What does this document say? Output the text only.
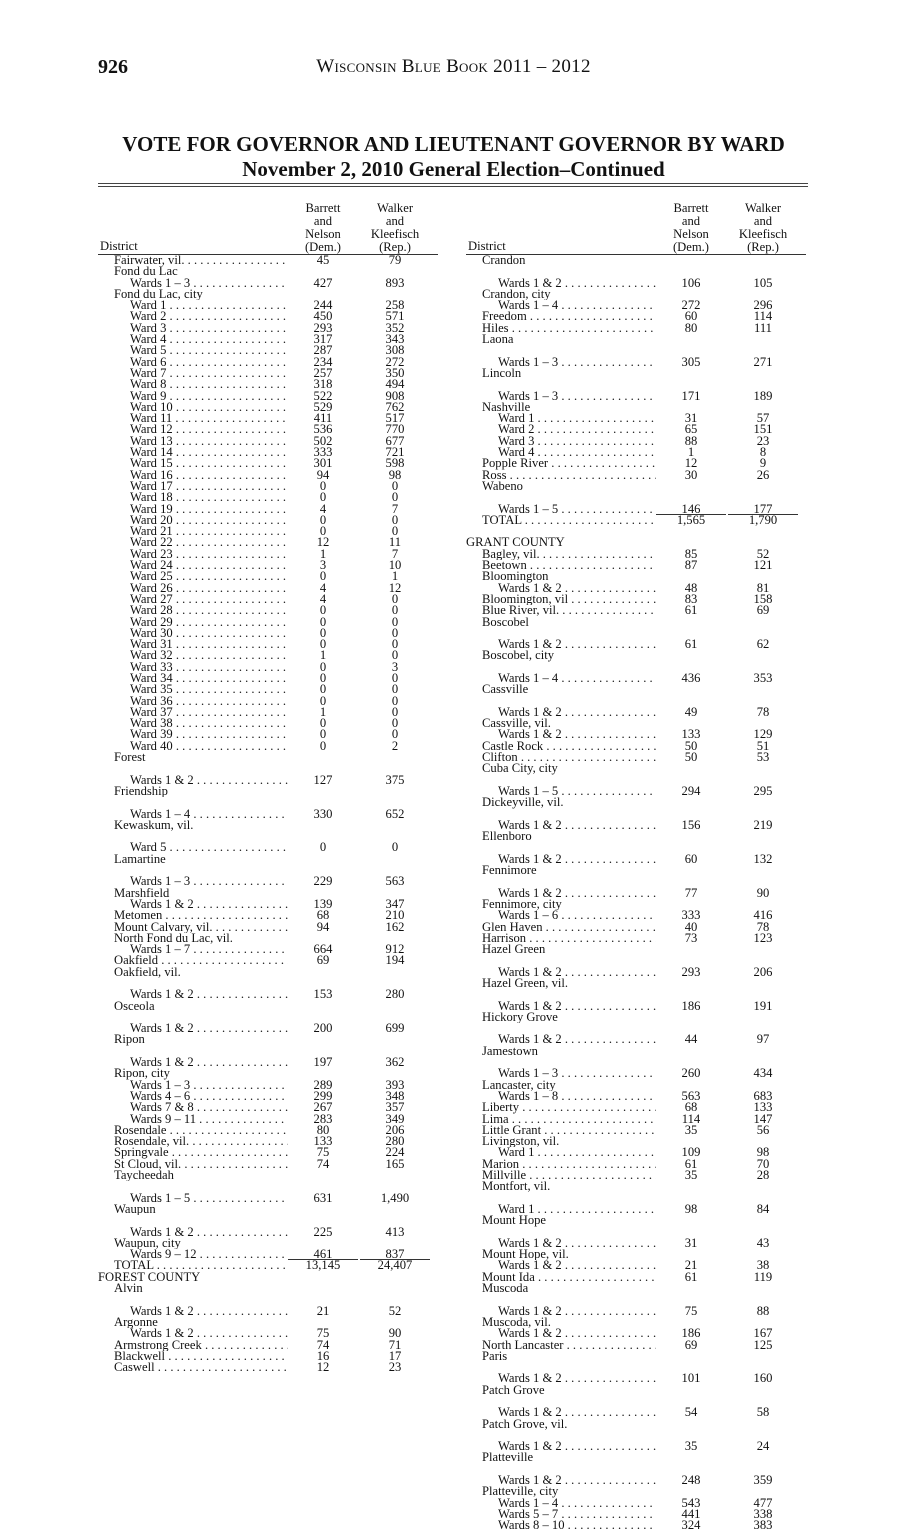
926	Wisconsin Blue Book 2011 – 2012
VOTE FOR GOVERNOR AND LIEUTENANT GOVERNOR BY WARD
November 2, 2010 General Election–Continued
District
Barrett
and
Nelson
(Dem.)
Walker
and
Kleefisch
(Rep.)
Fairwater, vil. . . .	45	79
Fond du Lac
Wards 1 – 3 . . .	427	893
Fond du Lac, city
Ward 1 . . .	244	258
Ward 2 . . .	450	571
Ward 3 . . .	293	352
Ward 4 . . .	317	343
Ward 5 . . .	287	308
Ward 6 . . .	234	272
Ward 7 . . .	257	350
Ward 8 . . .	318	494
Ward 9 . . .	522	908
Ward 10 . . .	529	762
Ward 11 . . .	411	517
Ward 12 . . .	536	770
Ward 13 . . .	502	677
Ward 14 . . .	333	721
Ward 15 . . .	301	598
Ward 16 . . .	94	98
Ward 17 . . .	0	0
Ward 18 . . .	0	0
Ward 19 . . .	4	7
Ward 20 . . .	0	0
Ward 21 . . .	0	0
Ward 22 . . .	12	11
Ward 23 . . .	1	7
Ward 24 . . .	3	10
Ward 25 . . .	0	1
Ward 26 . . .	4	12
Ward 27 . . .	4	0
Ward 28 . . .	0	0
Ward 29 . . .	0	0
Ward 30 . . .	0	0
Ward 31 . . .	0	0
Ward 32 . . .	1	0
Ward 33 . . .	0	3
Ward 34 . . .	0	0
Ward 35 . . .	0	0
Ward 36 . . .	0	0
Ward 37 . . .	1	0
Ward 38 . . .	0	0
Ward 39 . . .	0	0
Ward 40 . . .	0	2
Forest
Wards 1 & 2 . . .	127	375
Friendship
Wards 1 – 4 . . .	330	652
Kewaskum, vil.
Ward 5 . . .	0	0
Lamartine
Wards 1 – 3 . . .	229	563
Marshfield
Wards 1 & 2 . . .	139	347
Metomen . . .	68	210
Mount Calvary, vil. . . .	94	162
North Fond du Lac, vil.
Wards 1 – 7 . . .	664	912
Oakfield . . .	69	194
Oakfield, vil.
Wards 1 & 2 . . .	153	280
Osceola
Wards 1 & 2 . . .	200	699
Ripon
Wards 1 & 2 . . .	197	362
Ripon, city
Wards 1 – 3 . . .	289	393
Wards 4 – 6 . . .	299	348
Wards 7 & 8 . . .	267	357
Wards 9 – 11 . . .	283	349
Rosendale . . .	80	206
Rosendale, vil. . . .	133	280
Springvale . . .	75	224
St Cloud, vil. . . .	74	165
Taycheedah
Wards 1 – 5 . . .	631	1,490
Waupun
Wards 1 & 2 . . .	225	413
Waupun, city
Wards 9 – 12 . . .	461	837
TOTAL . . .	13,145	24,407
FOREST COUNTY
Alvin
Wards 1 & 2 . . .	21	52
Argonne
Wards 1 & 2 . . .	75	90
Armstrong Creek . . .	74	71
Blackwell . . .	16	17
Caswell . . .	12	23
District
Barrett
and
Nelson
(Dem.)
Walker
and
Kleefisch
(Rep.)
Crandon
Wards 1 & 2 . . .	106	105
Crandon, city
Wards 1 – 4 . . .	272	296
Freedom . . .	60	114
Hiles . . .	80	111
Laona
Wards 1 – 3 . . .	305	271
Lincoln
Wards 1 – 3 . . .	171	189
Nashville
Ward 1 . . .	31	57
Ward 2 . . .	65	151
Ward 3 . . .	88	23
Ward 4 . . .	1	8
Popple River . . .	12	9
Ross . . .	30	26
Wabeno
Wards 1 – 5 . . .	146	177
TOTAL . . .	1,565	1,790
GRANT COUNTY
Bagley, vil. . . .	85	52
Beetown . . .	87	121
Bloomington
Wards 1 & 2 . . .	48	81
Bloomington, vil . . .	83	158
Blue River, vil. . . .	61	69
Boscobel
Wards 1 & 2 . . .	61	62
Boscobel, city
Wards 1 – 4 . . .	436	353
Cassville
Wards 1 & 2 . . .	49	78
Cassville, vil.
Wards 1 & 2 . . .	133	129
Castle Rock . . .	50	51
Clifton . . .	50	53
Cuba City, city
Wards 1 – 5 . . .	294	295
Dickeyville, vil.
Wards 1 & 2 . . .	156	219
Ellenboro
Wards 1 & 2 . . .	60	132
Fennimore
Wards 1 & 2 . . .	77	90
Fennimore, city
Wards 1 – 6 . . .	333	416
Glen Haven . . .	40	78
Harrison . . .	73	123
Hazel Green
Wards 1 & 2 . . .	293	206
Hazel Green, vil.
Wards 1 & 2 . . .	186	191
Hickory Grove
Wards 1 & 2 . . .	44	97
Jamestown
Wards 1 – 3 . . .	260	434
Lancaster, city
Wards 1 – 8 . . .	563	683
Liberty . . .	68	133
Lima . . .	114	147
Little Grant . . .	35	56
Livingston, vil.
Ward 1 . . .	109	98
Marion . . .	61	70
Millville . . .	35	28
Montfort, vil.
Ward 1 . . .	98	84
Mount Hope
Wards 1 & 2 . . .	31	43
Mount Hope, vil.
Wards 1 & 2 . . .	21	38
Mount Ida . . .	61	119
Muscoda
Wards 1 & 2 . . .	75	88
Muscoda, vil.
Wards 1 & 2 . . .	186	167
North Lancaster . . .	69	125
Paris
Wards 1 & 2 . . .	101	160
Patch Grove
Wards 1 & 2 . . .	54	58
Patch Grove, vil.
Wards 1 & 2 . . .	35	24
Platteville
Wards 1 & 2 . . .	248	359
Platteville, city
Wards 1 – 4 . . .	543	477
Wards 5 – 7 . . .	441	338
Wards 8 – 10 . . .	324	383
